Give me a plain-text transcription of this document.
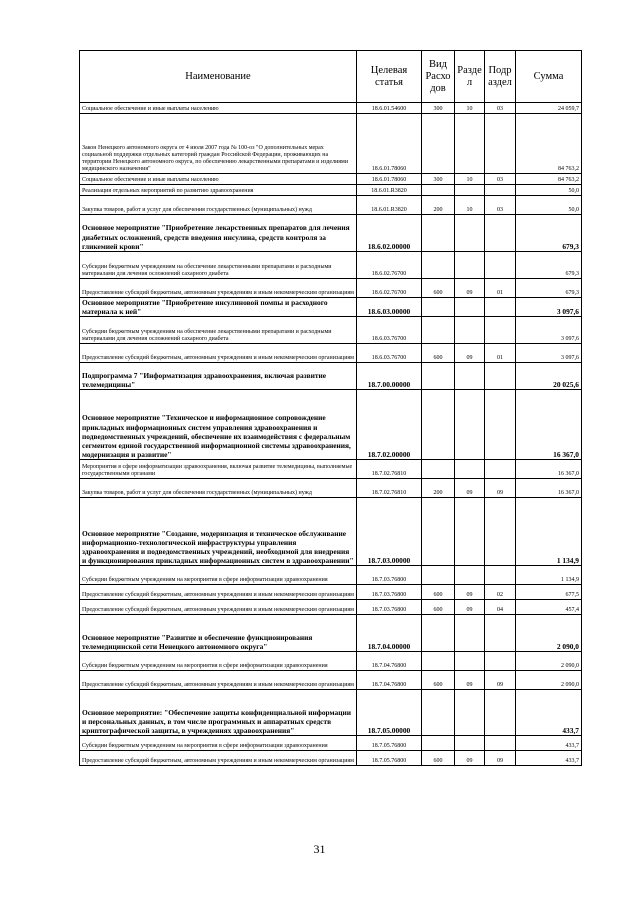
Наименование	Целевая статья	Вид Расхо дов	Разде л	Подр аздел	Сумма
Социальное обеспечение и иные выплаты населению	18.6.01.54600	300	10	03	24 059,7
Закон Ненецкого автономного округа от 4 июля 2007 года № 100-оз "О дополнительных мерах социальной поддержки отдельных категорий граждан Российской Федерации, проживающих на территории Ненецкого автономного округа, по обеспечению лекарственными препаратами и изделиями медицинского назначения"	18.6.01.78060				84 763,2
Социальное обеспечение и иные выплаты населению	18.6.01.78060	300	10	03	84 763,2
Реализация отдельных мероприятий по развитию здравоохранения	18.6.01.R3820				50,0
Закупка товаров, работ и услуг для обеспечения государственных (муниципальных) нужд	18.6.01.R3820	200	10	03	50,0
Основное мероприятие "Приобретение лекарственных препаратов для лечения диабетных осложнений, средств введения инсулина, средств контроля за гликемией крови"	18.6.02.00000				679,3
Субсидии бюджетным учреждениям на обеспечение лекарственными препаратами и расходными материалами для лечения осложнений сахарного диабета	18.6.02.76700				679,3
Предоставление субсидий бюджетным, автономным учреждениям и иным некоммерческим организациям	18.6.02.76700	600	09	01	679,3
Основное мероприятие "Приобретение инсулиновой помпы и расходного материала к ней"	18.6.03.00000				3 097,6
Субсидии бюджетным учреждениям на обеспечение лекарственными препаратами и расходными материалами для лечения осложнений сахарного диабета	18.6.03.76700				3 097,6
Предоставление субсидий бюджетным, автономным учреждениям и иным некоммерческим организациям	18.6.03.76700	600	09	01	3 097,6
Подпрограмма 7 "Информатизация здравоохранения, включая развитие телемедицины"	18.7.00.00000				20 025,6
Основное мероприятие "Техническое и информационное сопровождение прикладных информационных систем управления здравоохранения и подведомственных учреждений, обеспечение их взаимодействия с федеральным сегментом единой государственной информационной системы здравоохранения, модернизация и развитие"	18.7.02.00000				16 367,0
Мероприятия в сфере информатизации здравоохранения, включая развитие телемедицины, выполняемые государственными органами	18.7.02.76810				16 367,0
Закупка товаров, работ и услуг для обеспечения государственных (муниципальных) нужд	18.7.02.76810	200	09	09	16 367,0
Основное мероприятие "Создание, модернизация и техническое обслуживание информационно-технологической инфраструктуры управления здравоохранения и подведомственных учреждений, необходимой для внедрения и функционирования прикладных информационных систем в здравоохранении"	18.7.03.00000				1 134,9
Субсидии бюджетным учреждениям на мероприятия в сфере информатизации здравоохранения	18.7.03.76800				1 134,9
Предоставление субсидий бюджетным, автономным учреждениям и иным некоммерческим организациям	18.7.03.76800	600	09	02	677,5
Предоставление субсидий бюджетным, автономным учреждениям и иным некоммерческим организациям	18.7.03.76800	600	09	04	457,4
Основное мероприятие "Развитие и обеспечение функционирования телемедицинской сети Ненецкого автономного округа"	18.7.04.00000				2 090,0
Субсидии бюджетным учреждениям на мероприятия в сфере информатизации здравоохранения	18.7.04.76800				2 090,0
Предоставление субсидий бюджетным, автономным учреждениям и иным некоммерческим организациям	18.7.04.76800	600	09	09	2 090,0
Основное мероприятие: "Обеспечение защиты конфиденциальной информации и персональных данных, в том числе программных и аппаратных средств криптографической защиты, в учреждениях здравоохранения"	18.7.05.00000				433,7
Субсидии бюджетным учреждениям на мероприятия в сфере информатизации здравоохранения	18.7.05.76800				433,7
Предоставление субсидий бюджетным, автономным учреждениям и иным некоммерческим организациям	18.7.05.76800	600	09	09	433,7
31
